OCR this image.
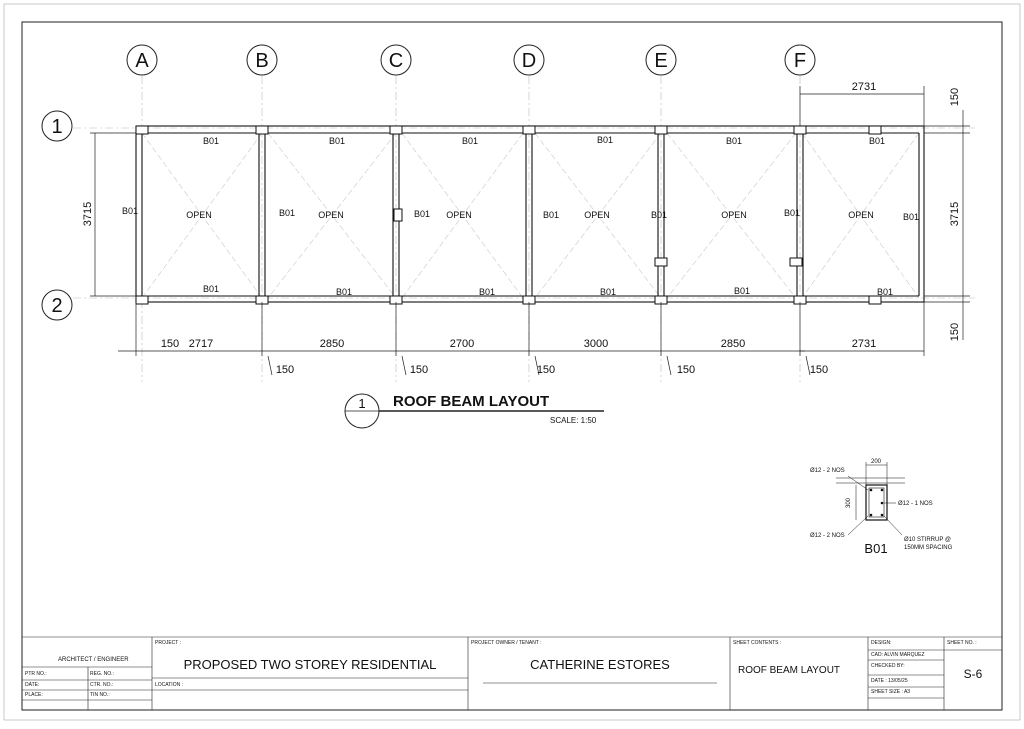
A	B	C	D	E	F
1
2
B01	B01	B01	B01	B01	B01
B01	B01	B01	B01	B01	B01
B01	B01	B01	B01	B01	B01	B01
OPEN	OPEN	OPEN	OPEN	OPEN	OPEN
150 2717	2850	2700	3000	2850	2731
150	150	150	150	150
2731
3715	3715
150
150
1 ROOF BEAM LAYOUT
SCALE: 1:50
200
300
Ø12 - 2 NOS
Ø12 - 1 NOS
Ø12 - 2 NOS
Ø10 STIRRUP @
150MM SPACING
B01
ARCHITECT / ENGINEER
PTR NO.:	REG. NO.:
DATE:	CTR. NO.:
PLACE:	TIN NO.:
PROJECT :
PROPOSED TWO STOREY RESIDENTIAL
LOCATION :
PROJECT OWNER / TENANT :
CATHERINE ESTORES
SHEET CONTENTS :
ROOF BEAM LAYOUT
DESIGN:
CAD: ALVIN MARQUEZ
CHECKED BY:
DATE : 13/05/25
SHEET SIZE : A3
SHEET NO. :
S-6
